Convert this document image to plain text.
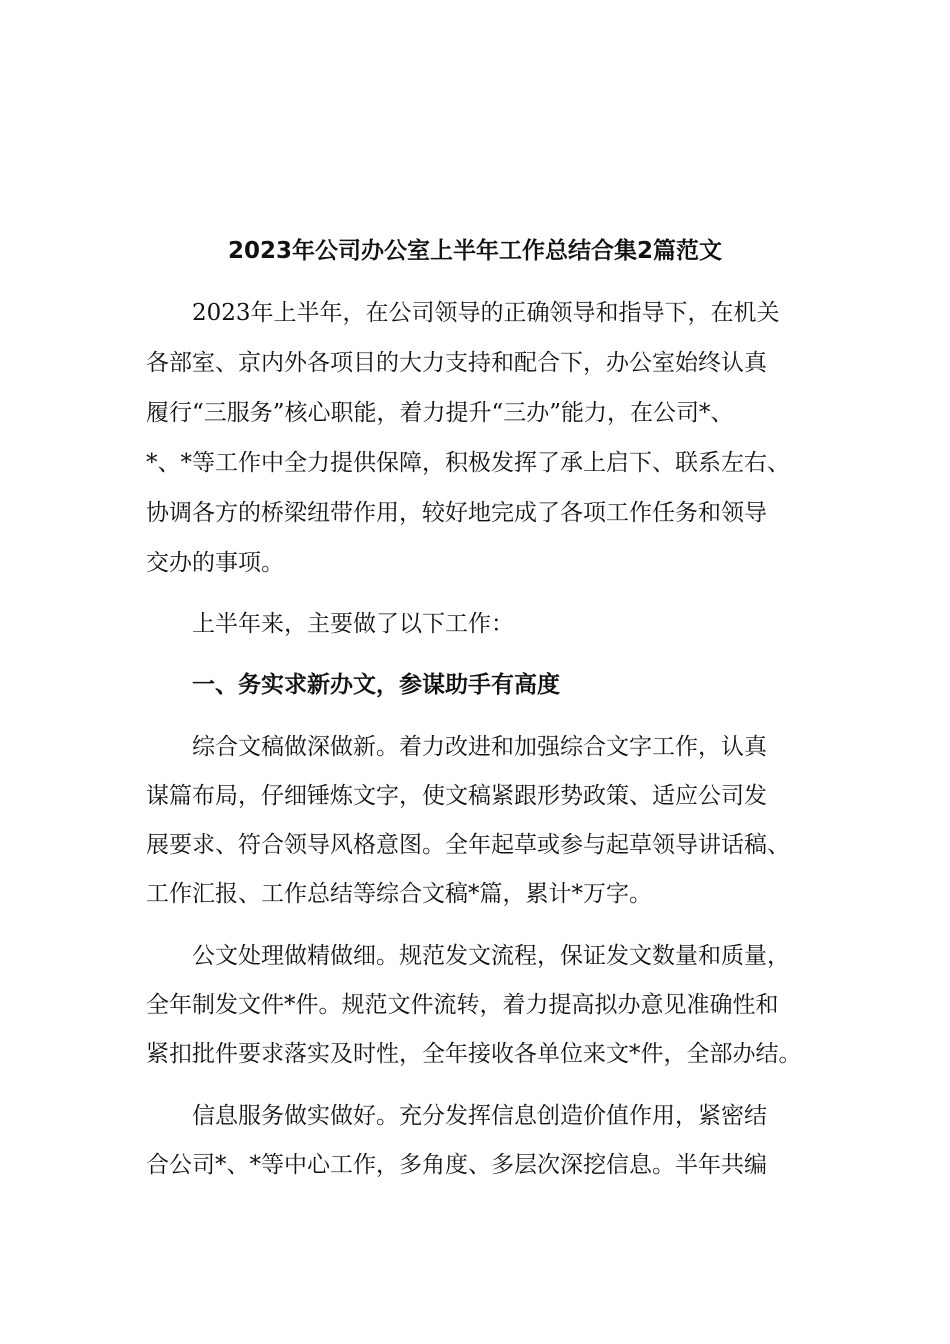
2023年公司办公室上半年工作总结合集2篇范文
2023年上半年，在公司领导的正确领导和指导下，在机关
各部室、京内外各项目的大力支持和配合下，办公室始终认真
履行“三服务”核心职能，着力提升“三办”能力，在公司*、
*、*等工作中全力提供保障，积极发挥了承上启下、联系左右、
协调各方的桥梁纽带作用，较好地完成了各项工作任务和领导
交办的事项。
上半年来，主要做了以下工作：
一、务实求新办文，参谋助手有高度
综合文稿做深做新。着力改进和加强综合文字工作，认真
谋篇布局，仔细锤炼文字，使文稿紧跟形势政策、适应公司发
展要求、符合领导风格意图。全年起草或参与起草领导讲话稿、
工作汇报、工作总结等综合文稿*篇，累计*万字。
公文处理做精做细。规范发文流程，保证发文数量和质量，
全年制发文件*件。规范文件流转，着力提高拟办意见准确性和
紧扣批件要求落实及时性，全年接收各单位来文*件，全部办结。
信息服务做实做好。充分发挥信息创造价值作用，紧密结
合公司*、*等中心工作，多角度、多层次深挖信息。半年共编
